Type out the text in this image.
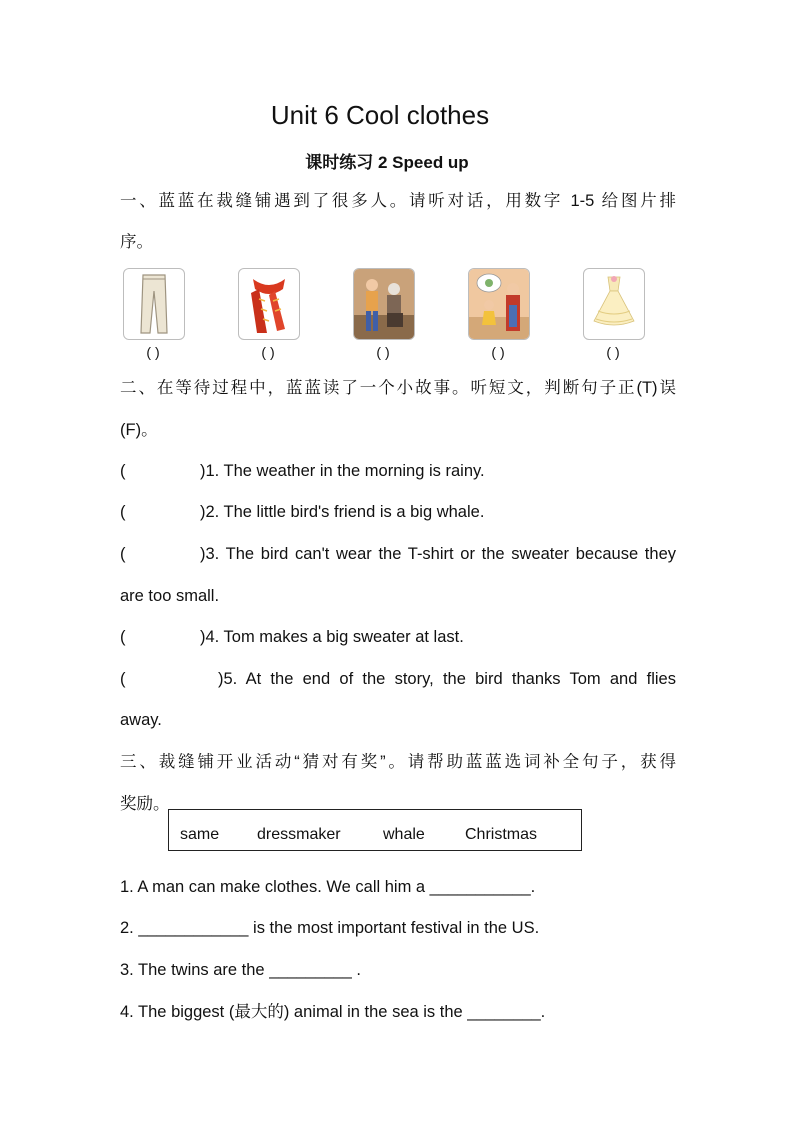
Unit 6 Cool clothes
课时练习 2 Speed up
一、蓝蓝在裁缝铺遇到了很多人。请听对话，用数字 1-5 给图片排
序。
( )	( )	( )	( )	( )
二、在等待过程中，蓝蓝读了一个小故事。听短文，判断句子正(T)误
(F)。
(	)1. The weather in the morning is rainy.
(	)2. The little bird's friend is a big whale.
(	)3. The bird can't wear the T-shirt or the sweater because they
are too small.
(	)4. Tom makes a big sweater at last.
(	)5. At the end of the story, the bird thanks Tom and flies
away.
三、裁缝铺开业活动“猜对有奖”。请帮助蓝蓝选词补全句子，获得
奖励。
same dressmaker	whale	Christmas
1. A man can make clothes. We call him a ___________.
2. ____________ is the most important festival in the US.
3. The twins are the _________ .
4. The biggest (最大的) animal in the sea is the ________.
